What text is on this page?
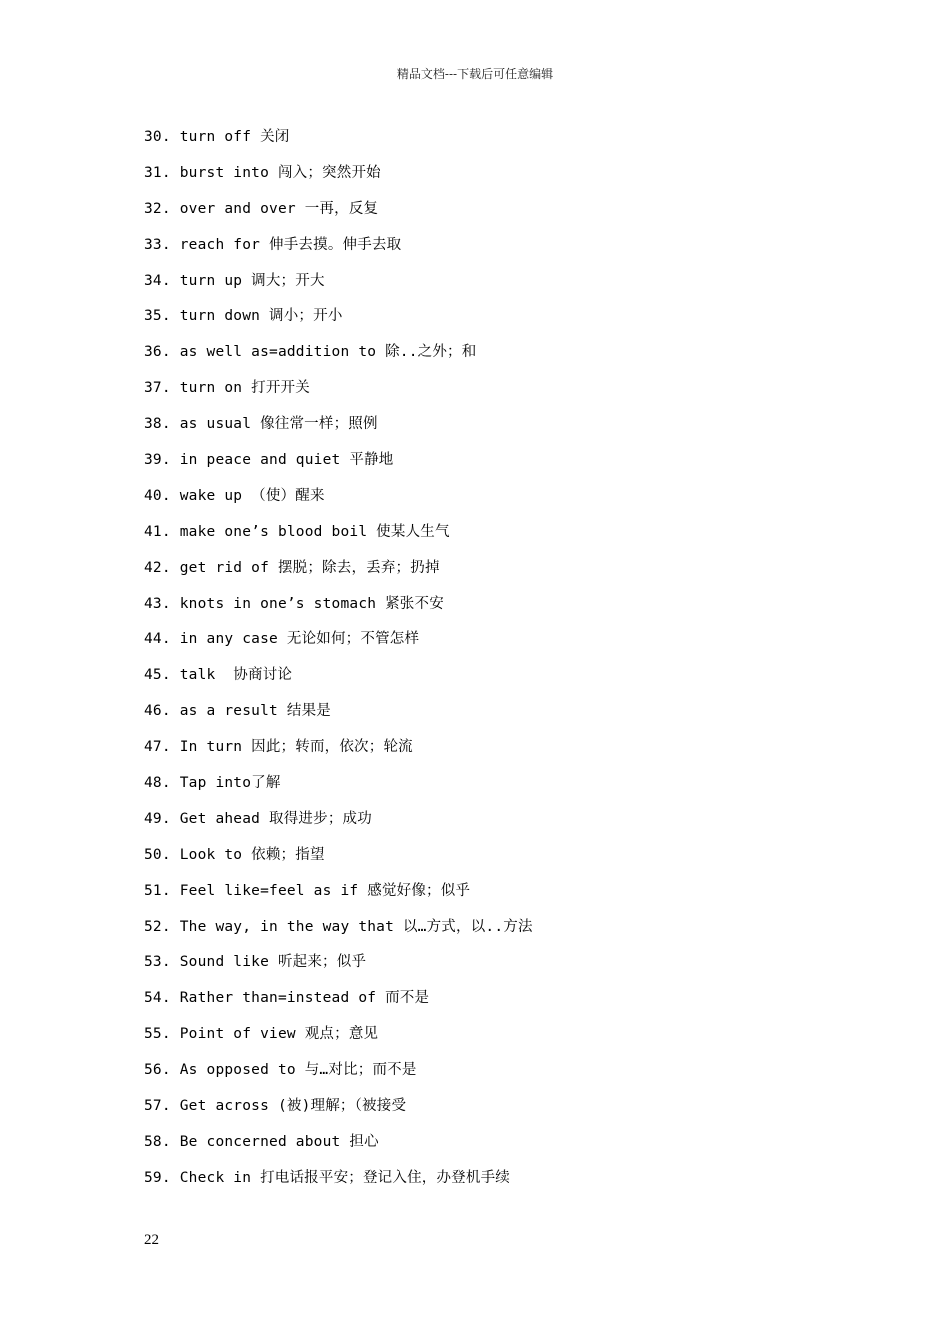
精品文档---下载后可任意编辑
30. turn off 关闭
31. burst into 闯入；突然开始
32. over and over 一再，反复
33. reach for 伸手去摸。伸手去取
34. turn up 调大；开大
35. turn down 调小；开小
36. as well as=addition to 除..之外；和
37. turn on 打开开关
38. as usual 像往常一样；照例
39. in peace and quiet 平静地
40. wake up （使）醒来
41. make one’s blood boil 使某人生气
42. get rid of 摆脱；除去，丢弃；扔掉
43. knots in one’s stomach 紧张不安
44. in any case 无论如何；不管怎样
45. talk  协商讨论
46. as a result 结果是
47. In turn 因此；转而，依次；轮流
48. Tap into了解
49. Get ahead 取得进步；成功
50. Look to 依赖；指望
51. Feel like=feel as if 感觉好像；似乎
52. The way, in the way that 以…方式，以..方法
53. Sound like 听起来；似乎
54. Rather than=instead of 而不是
55. Point of view 观点；意见
56. As opposed to 与…对比；而不是
57. Get across (被)理解；（被接受
58. Be concerned about 担心
59. Check in 打电话报平安；登记入住，办登机手续
22
